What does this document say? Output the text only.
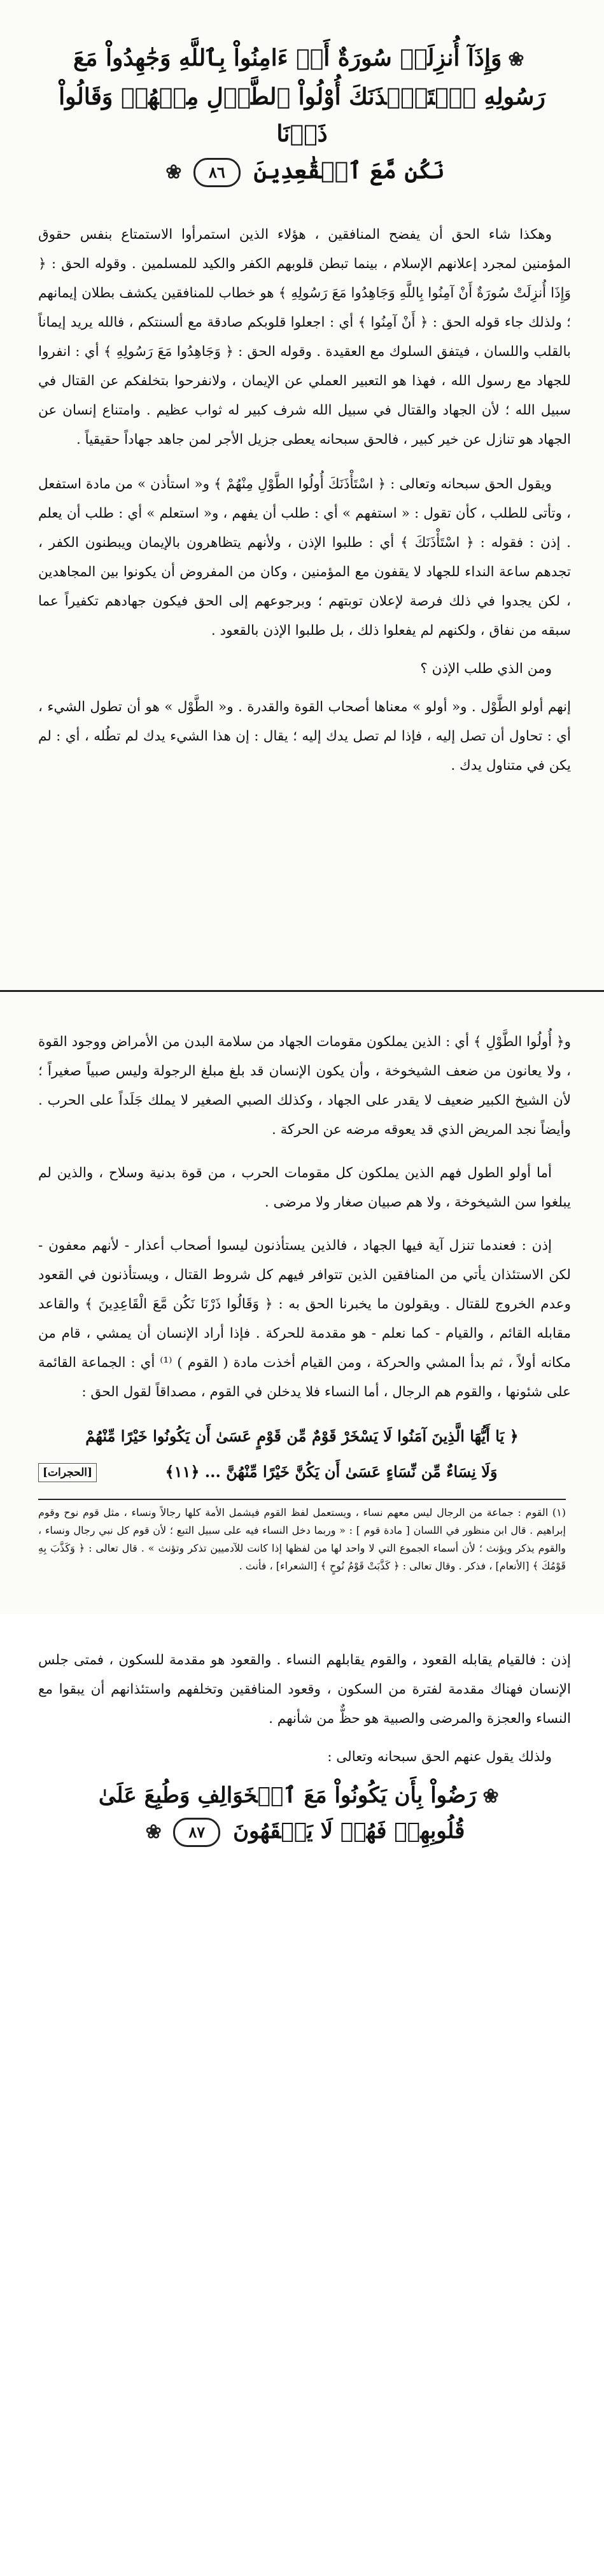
❀وَإِذَآ أُنزِلَتۡ سُورَةٌ أَنۡ ءَامِنُواْ بِٱللَّهِ وَجَٰهِدُواْ مَعَ
رَسُولِهِ ٱسۡتَـٔۡذَنَكَ أُوْلُواْ ٱلطَّوۡلِ مِنۡهُمۡ وَقَالُواْ ذَرۡنَا
نَكُن مَّعَ ٱلۡقَٰعِدِينَ ٨٦❀

وهكذا شاء الحق أن يفضح المنافقين ، هؤلاء الذين استمرأوا الاستمتاع بنفس حقوق المؤمنين لمجرد إعلانهم الإسلام ، بينما تبطن قلوبهم الكفر والكيد للمسلمين . وقوله الحق : ﴿ وَإِذَا أُنزِلَتْ سُورَةٌ أَنْ آمِنُوا بِاللَّهِ وَجَاهِدُوا مَعَ رَسُولِهِ ﴾ هو خطاب للمنافقين يكشف بطلان إيمانهم ؛ ولذلك جاء قوله الحق : ﴿ أَنْ آمِنُوا ﴾ أي : اجعلوا قلوبكم صادقة مع ألسنتكم ، فالله يريد إيماناً بالقلب واللسان ، فيتفق السلوك مع العقيدة . وقوله الحق : ﴿ وَجَاهِدُوا مَعَ رَسُولِهِ ﴾ أي : انفروا للجهاد مع رسول الله ، فهذا هو التعبير العملي عن الإيمان ، ولانفرحوا بتخلفكم عن القتال في سبيل الله ؛ لأن الجهاد والقتال في سبيل الله شرف كبير له ثواب عظيم . وامتناع إنسان عن الجهاد هو تنازل عن خير كبير ، فالحق سبحانه يعطى جزيل الأجر لمن جاهد جهاداً حقيقياً .

ويقول الحق سبحانه وتعالى : ﴿ اسْتَأْذَنَكَ أُولُوا الطَّوْلِ مِنْهُمْ ﴾ و« استأذن » من مادة استفعل ، وتأتى للطلب ، كأن تقول : « استفهم » أي : طلب أن يفهم ، و« استعلم » أي : طلب أن يعلم . إذن : فقوله : ﴿ اسْتَأْذَنَكَ ﴾ أي : طلبوا الإذن ، ولأنهم يتظاهرون بالإيمان ويبطنون الكفر ، تجدهم ساعة النداء للجهاد لا يقفون مع المؤمنين ، وكان من المفروض أن يكونوا بين المجاهدين ، لكن يجدوا في ذلك فرصة لإعلان توبتهم ؛ وبرجوعهم إلى الحق فيكون جهادهم تكفيراً عما سبقه من نفاق ، ولكنهم لم يفعلوا ذلك ، بل طلبوا الإذن بالقعود .

ومن الذي طلب الإذن ؟

إنهم أولو الطَّوْل . و« أولو » معناها أصحاب القوة والقدرة . و« الطَّوْل » هو أن تطول الشيء ، أي : تحاول أن تصل إليه ، فإذا لم تصل يدك إليه ؛ يقال : إن هذا الشيء يدك لم تطُله ، أي : لم يكن في متناول يدك .

و﴿ أُولُوا الطَّوْلِ ﴾ أي : الذين يملكون مقومات الجهاد من سلامة البدن من الأمراض ووجود القوة ، ولا يعانون من ضعف الشيخوخة ، وأن يكون الإنسان قد بلغ مبلغ الرجولة وليس صبياً صغيراً ؛ لأن الشيخ الكبير ضعيف لا يقدر على الجهاد ، وكذلك الصبي الصغير لا يملك جَلَداً على الحرب . وأيضاً نجد المريض الذي قد يعوقه مرضه عن الحركة .

أما أولو الطول فهم الذين يملكون كل مقومات الحرب ، من قوة بدنية وسلاح ، والذين لم يبلغوا سن الشيخوخة ، ولا هم صبيان صغار ولا مرضى .

إذن : فعندما تنزل آية فيها الجهاد ، فالذين يستأذنون ليسوا أصحاب أعذار - لأنهم معفون - لكن الاستئذان يأتي من المنافقين الذين تتوافر فيهم كل شروط القتال ، ويستأذنون في القعود وعدم الخروج للقتال . ويقولون ما يخبرنا الحق به : ﴿ وَقَالُوا ذَرْنَا نَكُن مَّعَ الْقَاعِدِينَ ﴾ والقاعد مقابله القائم ، والقيام - كما نعلم - هو مقدمة للحركة . فإذا أراد الإنسان أن يمشي ، قام من مكانه أولاً ، ثم بدأ المشي والحركة ، ومن القيام أخذت مادة ( القوم ) ⁽¹⁾ أي : الجماعة القائمة على شئونها ، والقوم هم الرجال ، أما النساء فلا يدخلن في القوم ، مصداقاً لقول الحق :

﴿ يَا أَيُّهَا الَّذِينَ آمَنُوا لَا يَسْخَرْ قَوْمٌ مِّن قَوْمٍ عَسَىٰ أَن يَكُونُوا خَيْرًا مِّنْهُمْ
وَلَا نِسَاءٌ مِّن نِّسَاءٍ عَسَىٰ أَن يَكُنَّ خَيْرًا مِّنْهُنَّ ... ﴿١١﴾
[الحجرات]

(١) القوم : جماعة من الرجال ليس معهم نساء ، ويستعمل لفظ القوم فيشمل الأمة كلها رجالاً ونساء ، مثل قوم نوح وقوم إبراهيم . قال ابن منظور في اللسان [ مادة قوم ] : « وربما دخل النساء فيه على سبيل التبع ؛ لأن قوم كل نبي رجال ونساء ، والقوم يذكر ويؤنث ؛ لأن أسماء الجموع التي لا واحد لها من لفظها إذا كانت للآدميين تذكر وتؤنث » . قال تعالى : ﴿ وَكَذَّبَ بِهِ قَوْمُكَ ﴾ [الأنعام] ، فذكر . وقال تعالى : ﴿ كَذَّبَتْ قَوْمُ نُوحٍ ﴾ [الشعراء] ، فأنث .

إذن : فالقيام يقابله القعود ، والقوم يقابلهم النساء . والقعود هو مقدمة للسكون ، فمتى جلس الإنسان فهناك مقدمة لفترة من السكون ، وقعود المنافقين وتخلفهم واستئذانهم أن يبقوا مع النساء والعجزة والمرضى والصبية هو حظٌّ من شأنهم .

ولذلك يقول عنهم الحق سبحانه وتعالى :

❀رَضُواْ بِأَن يَكُونُواْ مَعَ ٱلۡخَوَالِفِ وَطُبِعَ عَلَىٰ
قُلُوبِهِمۡ فَهُمۡ لَا يَفۡقَهُونَ ٨٧❀
